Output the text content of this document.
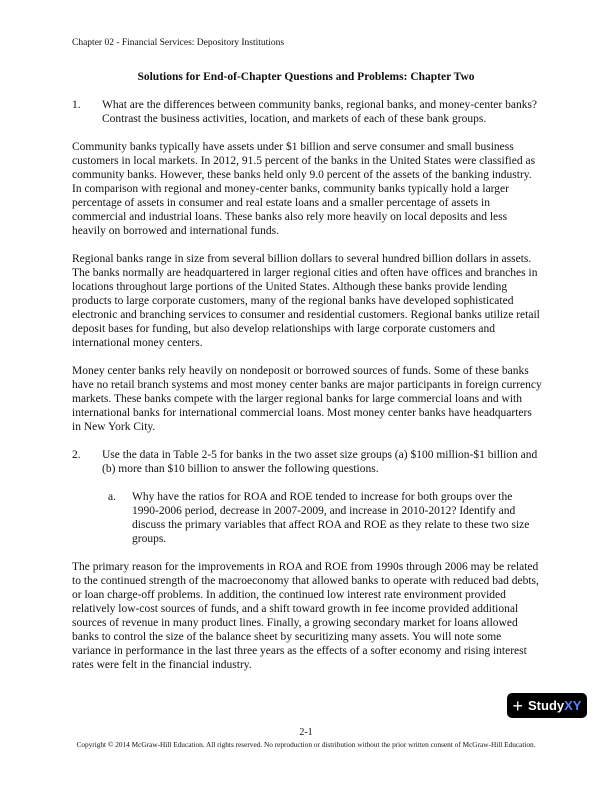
Chapter 02 - Financial Services: Depository Institutions
Solutions for End-of-Chapter Questions and Problems: Chapter Two
1.	What are the differences between community banks, regional banks, and money-center banks? Contrast the business activities, location, and markets of each of these bank groups.

Community banks typically have assets under $1 billion and serve consumer and small business customers in local markets. In 2012, 91.5 percent of the banks in the United States were classified as community banks. However, these banks held only 9.0 percent of the assets of the banking industry. In comparison with regional and money-center banks, community banks typically hold a larger percentage of assets in consumer and real estate loans and a smaller percentage of assets in commercial and industrial loans. These banks also rely more heavily on local deposits and less heavily on borrowed and international funds.

Regional banks range in size from several billion dollars to several hundred billion dollars in assets. The banks normally are headquartered in larger regional cities and often have offices and branches in locations throughout large portions of the United States. Although these banks provide lending products to large corporate customers, many of the regional banks have developed sophisticated electronic and branching services to consumer and residential customers. Regional banks utilize retail deposit bases for funding, but also develop relationships with large corporate customers and international money centers.

Money center banks rely heavily on nondeposit or borrowed sources of funds. Some of these banks have no retail branch systems and most money center banks are major participants in foreign currency markets. These banks compete with the larger regional banks for large commercial loans and with international banks for international commercial loans. Most money center banks have headquarters in New York City.

2.	Use the data in Table 2-5 for banks in the two asset size groups (a) $100 million-$1 billion and (b) more than $10 billion to answer the following questions.
a.	Why have the ratios for ROA and ROE tended to increase for both groups over the 1990-2006 period, decrease in 2007-2009, and increase in 2010-2012? Identify and discuss the primary variables that affect ROA and ROE as they relate to these two size groups.

The primary reason for the improvements in ROA and ROE from 1990s through 2006 may be related to the continued strength of the macroeconomy that allowed banks to operate with reduced bad debts, or loan charge-off problems. In addition, the continued low interest rate environment provided relatively low-cost sources of funds, and a shift toward growth in fee income provided additional sources of revenue in many product lines. Finally, a growing secondary market for loans allowed banks to control the size of the balance sheet by securitizing many assets. You will note some variance in performance in the last three years as the effects of a softer economy and rising interest rates were felt in the financial industry.

+ Study XY
2-1
Copyright © 2014 McGraw-Hill Education. All rights reserved. No reproduction or distribution without the prior written consent of McGraw-Hill Education.
